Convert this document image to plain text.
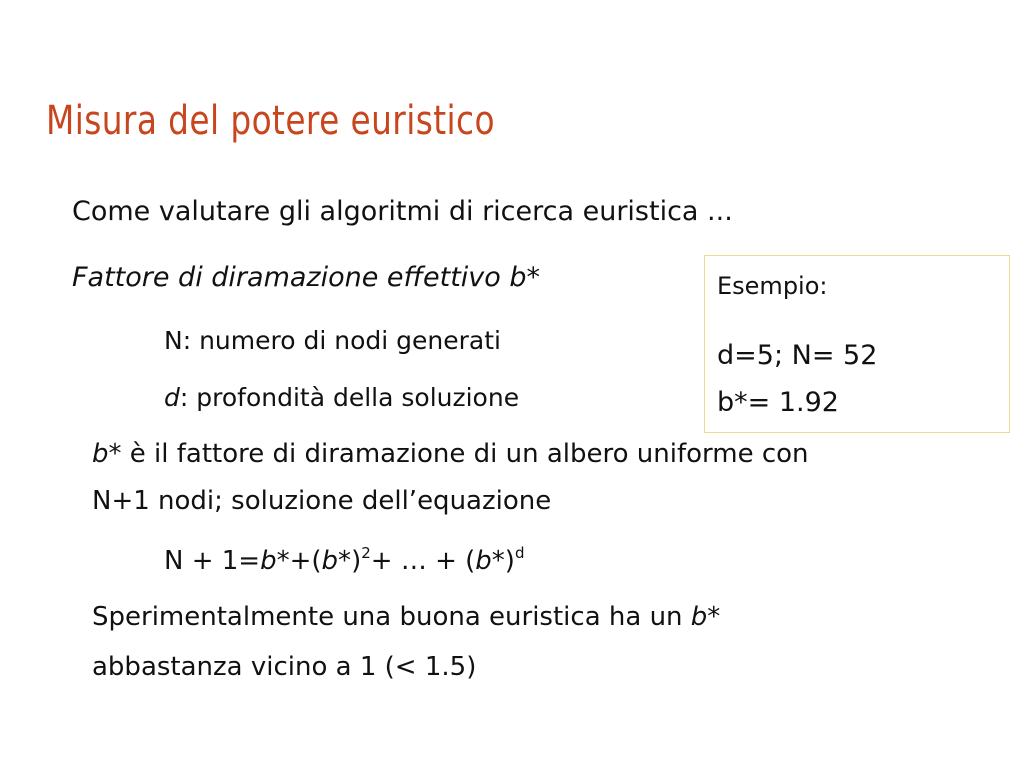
Misura del potere euristico
Come valutare gli algoritmi di ricerca euristica ...
Fattore di diramazione effettivo b*
N: numero di nodi generati
d: profondità della soluzione
b* è il fattore di diramazione di un albero uniforme con
N+1 nodi; soluzione dell’equazione
$N + 1=b*+(b*)^2+$ … + $(b*)^d$
Sperimentalmente una buona euristica ha un b*
abbastanza vicino a 1 (< 1.5)
Esempio:
d=5; N= 52
b*= 1.92
